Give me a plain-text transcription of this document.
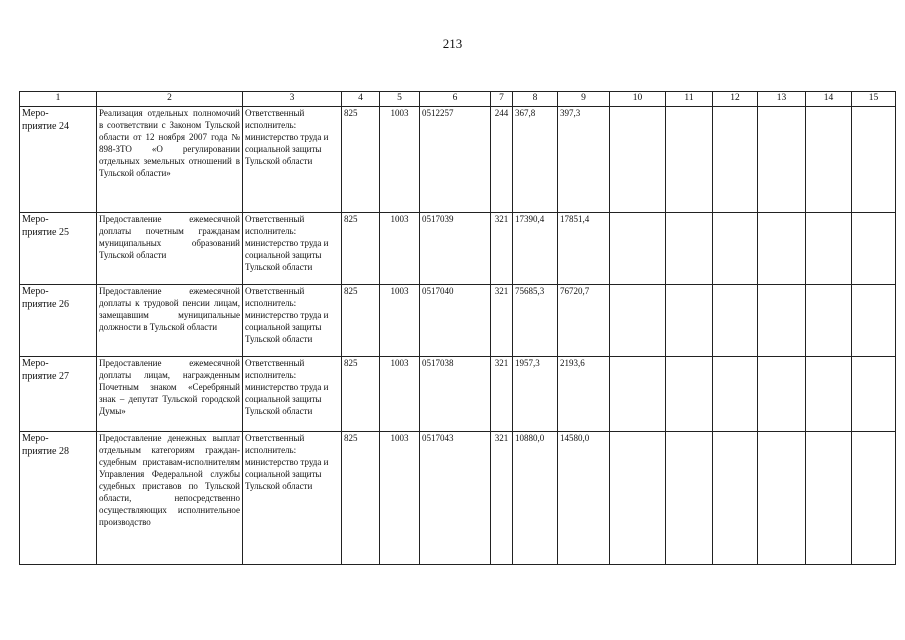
213
1	2	3	4	5	6	7	8	9	10	11	12	13	14	15
Меро-
приятие 24	Реализация отдельных полномочий в соответствии с Законом Тульской области от 12 ноября 2007 года № 898-ЗТО «О регулировании отдельных земельных отношений в Тульской области»	Ответственный исполнитель: министерство труда и социальной защиты Тульской области	825	1003	0512257	244	367,8	397,3						
Меро-
приятие 25	Предоставление ежемесячной доплаты почетным гражданам муниципальных образований Тульской области	Ответственный исполнитель: министерство труда и социальной защиты Тульской области	825	1003	0517039	321	17390,4	17851,4						
Меро-
приятие 26	Предоставление ежемесячной доплаты к трудовой пенсии лицам, замещавшим муниципальные должности в Тульской области	Ответственный исполнитель: министерство труда и социальной защиты Тульской области	825	1003	0517040	321	75685,3	76720,7						
Меро-
приятие 27	Предоставление ежемесячной доплаты лицам, награжденным Почетным знаком «Серебряный знак – депутат Тульской городской Думы»	Ответственный исполнитель: министерство труда и социальной защиты Тульской области	825	1003	0517038	321	1957,3	2193,6						
Меро-
приятие 28	Предоставление денежных выплат отдельным категориям граждан-судебным приставам-исполнителям Управления Федеральной службы судебных приставов по Тульской области, непосредственно осуществляющих исполнительное производство	Ответственный исполнитель: министерство труда и социальной защиты Тульской области	825	1003	0517043	321	10880,0	14580,0						
